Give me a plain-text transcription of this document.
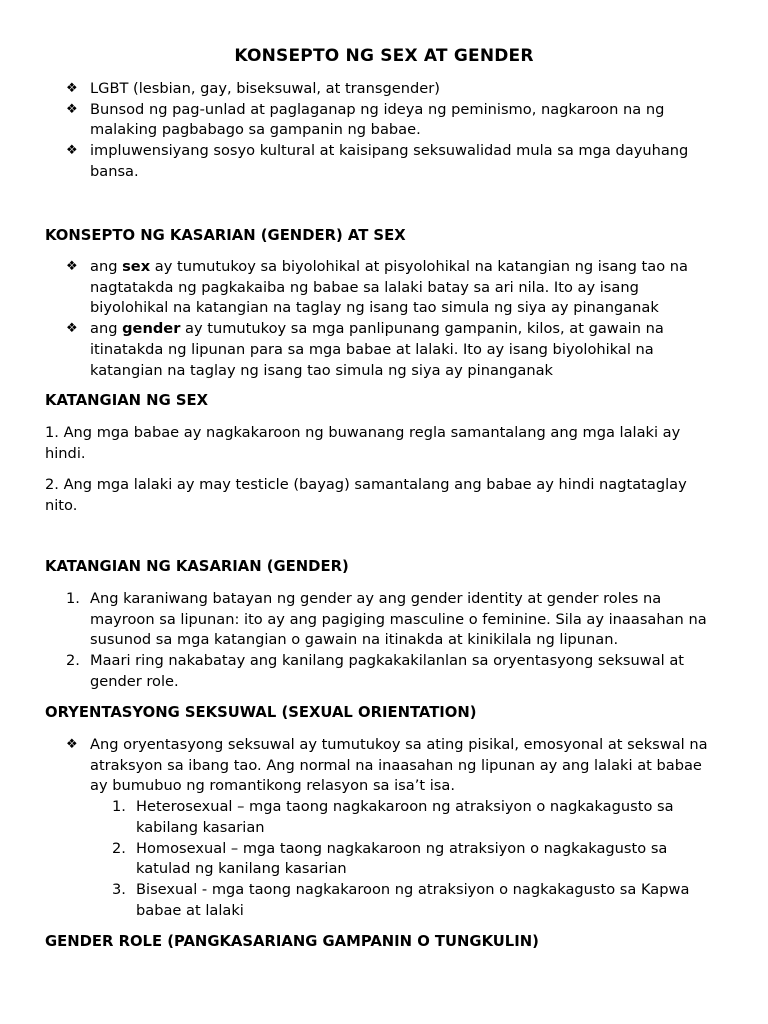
KONSEPTO NG SEX AT GENDER
❖ LGBT (lesbian, gay, biseksuwal, at transgender)
❖ Bunsod ng pag-unlad at paglaganap ng ideya ng peminismo, nagkaroon na ng malaking pagbabago sa gampanin ng babae.
❖ impluwensiyang sosyo kultural at kaisipang seksuwalidad mula sa mga dayuhang bansa.
KONSEPTO NG KASARIAN (GENDER) AT SEX
❖ ang sex ay tumutukoy sa biyolohikal at pisyolohikal na katangian ng isang tao na nagtatakda ng pagkakaiba ng babae sa lalaki batay sa ari nila. Ito ay isang biyolohikal na katangian na taglay ng isang tao simula ng siya ay pinanganak
❖ ang gender ay tumutukoy sa mga panlipunang gampanin, kilos, at gawain na itinatakda ng lipunan para sa mga babae at lalaki. Ito ay isang biyolohikal na katangian na taglay ng isang tao simula ng siya ay pinanganak
KATANGIAN NG SEX
1. Ang mga babae ay nagkakaroon ng buwanang regla samantalang ang mga lalaki ay hindi.
2. Ang mga lalaki ay may testicle (bayag) samantalang ang babae ay hindi nagtataglay nito.
KATANGIAN NG KASARIAN (GENDER)
1. Ang karaniwang batayan ng gender ay ang gender identity at gender roles na mayroon sa lipunan: ito ay ang pagiging masculine o feminine. Sila ay inaasahan na susunod sa mga katangian o gawain na itinakda at kinikilala ng lipunan.
2. Maari ring nakabatay ang kanilang pagkakakilanlan sa oryentasyong seksuwal at gender role.
ORYENTASYONG SEKSUWAL (SEXUAL ORIENTATION)
❖ Ang oryentasyong seksuwal ay tumutukoy sa ating pisikal, emosyonal at sekswal na atraksyon sa ibang tao. Ang normal na inaasahan ng lipunan ay ang lalaki at babae ay bumubuo ng romantikong relasyon sa isa’t isa.
1. Heterosexual – mga taong nagkakaroon ng atraksiyon o nagkakagusto sa kabilang kasarian
2. Homosexual – mga taong nagkakaroon ng atraksiyon o nagkakagusto sa katulad ng kanilang kasarian
3. Bisexual - mga taong nagkakaroon ng atraksiyon o nagkakagusto sa Kapwa babae at lalaki
GENDER ROLE (PANGKASARIANG GAMPANIN O TUNGKULIN)
